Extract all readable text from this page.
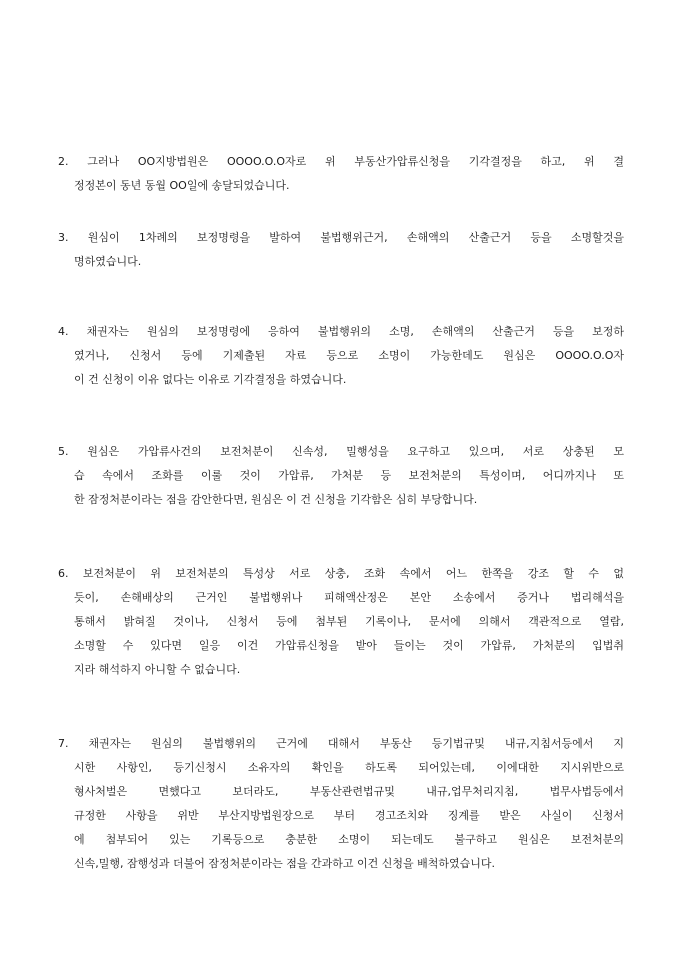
2. 그러나 OO지방법원은 OOOO.O.O자로 위 부동산가압류신청을 기각결정을 하고, 위 결
정정본이 동년 동월 OO일에 송달되었습니다.
3. 원심이 1차례의 보정명령을 발하여 불법행위근거, 손해액의 산출근거 등을 소명할것을
명하였습니다.
4. 채권자는 원심의 보정명령에 응하여 불법행위의 소명, 손해액의 산출근거 등을 보정하
였거나, 신청서 등에 기제출된 자료 등으로 소명이 가능한데도 원심은 OOOO.O.O자
이 건 신청이 이유 없다는 이유로 기각결정을 하였습니다.
5. 원심은 가압류사건의 보전처분이 신속성, 밀행성을 요구하고 있으며, 서로 상충된 모
습 속에서 조화를 이룰 것이 가압류, 가처분 등 보전처분의 특성이며, 어디까지나 또
한 잠정처분이라는 점을 감안한다면, 원심은 이 건 신청을 기각함은 심히 부당합니다.
6. 보전처분이 위 보전처분의 특성상 서로 상충, 조화 속에서 어느 한쪽을 강조 할 수 없
듯이, 손해배상의 근거인 불법행위나 피해액산정은 본안 소송에서 증거나 법리해석을
통해서 밝혀질 것이나, 신청서 등에 첨부된 기록이나, 문서에 의해서 객관적으로 열람,
소명할 수 있다면 일응 이건 가압류신청을 받아 들이는 것이 가압류, 가처분의 입법취
지라 해석하지 아니할 수 없습니다.
7. 채권자는 원심의 불법행위의 근거에 대해서 부동산 등기법규및 내규,지침서등에서 지
시한 사항인, 등기신청시 소유자의 확인을 하도록 되어있는데, 이에대한 지시위반으로
형사처벌은 면했다고 보더라도, 부동산관련법규및 내규,업무처리지침, 법무사법등에서
규정한 사항을 위반 부산지방법원장으로 부터 경고조치와 징계를 받은 사실이 신청서
에 첨부되어 있는 기록등으로 충분한 소명이 되는데도 불구하고 원심은 보전처분의
신속,밀행, 잠행성과 더불어 잠정처분이라는 점을 간과하고 이건 신청을 배척하였습니다.
